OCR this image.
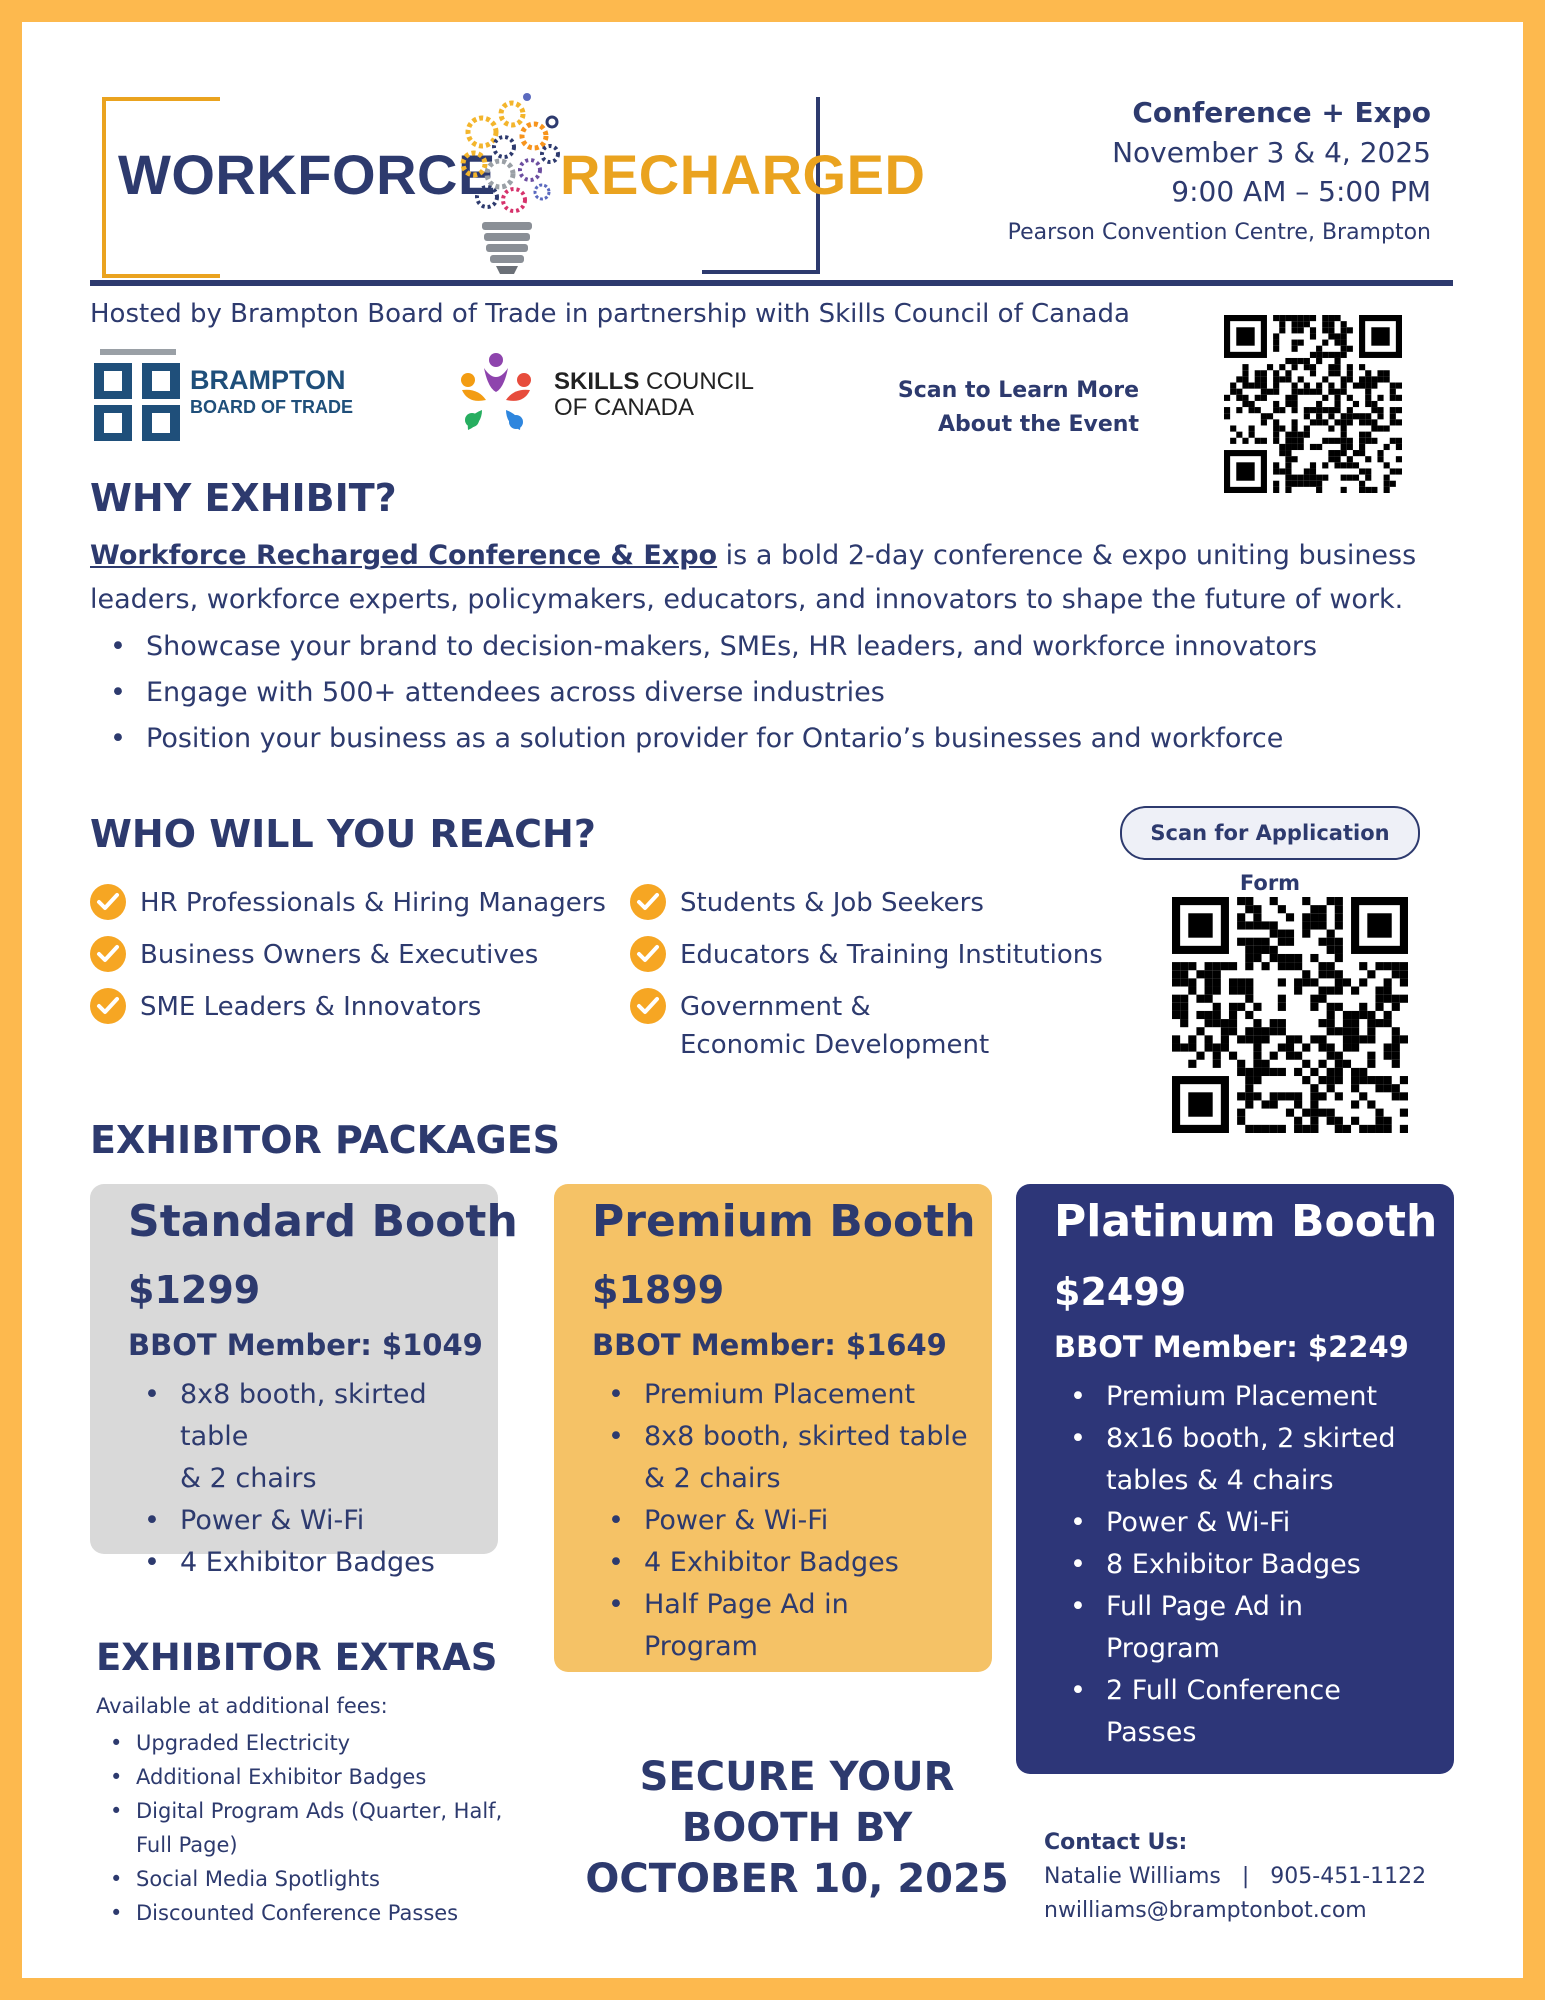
WORKFORCE RECHARGED
Conference + Expo
November 3 & 4, 2025
9:00 AM – 5:00 PM
Pearson Convention Centre, Brampton
Hosted by Brampton Board of Trade in partnership with Skills Council of Canada
BRAMPTON
BOARD OF TRADE
SKILLS COUNCIL
OF CANADA
Scan to Learn More
About the Event
WHY EXHIBIT?
Workforce Recharged Conference & Expo is a bold 2-day conference & expo uniting business leaders, workforce experts, policymakers, educators, and innovators to shape the future of work.
• Showcase your brand to decision-makers, SMEs, HR leaders, and workforce innovators
• Engage with 500+ attendees across diverse industries
• Position your business as a solution provider for Ontario’s businesses and workforce
WHO WILL YOU REACH?	Scan for Application Form
HR Professionals & Hiring Managers
Business Owners & Executives
SME Leaders & Innovators
Students & Job Seekers
Educators & Training Institutions
Government &
Economic Development
EXHIBITOR PACKAGES
Standard Booth
$1299
BBOT Member: $1049
• 8x8 booth, skirted table
& 2 chairs
• Power & Wi-Fi
• 4 Exhibitor Badges
Premium Booth
$1899
BBOT Member: $1649
• Premium Placement
• 8x8 booth, skirted table
& 2 chairs
• Power & Wi-Fi
• 4 Exhibitor Badges
• Half Page Ad in
Program
Platinum Booth
$2499
BBOT Member: $2249
• Premium Placement
• 8x16 booth, 2 skirted
tables & 4 chairs
• Power & Wi-Fi
• 8 Exhibitor Badges
• Full Page Ad in
Program
• 2 Full Conference
Passes
EXHIBITOR EXTRAS
Available at additional fees:
• Upgraded Electricity
• Additional Exhibitor Badges
• Digital Program Ads (Quarter, Half,
Full Page)
• Social Media Spotlights
• Discounted Conference Passes
SECURE YOUR
BOOTH BY
OCTOBER 10, 2025
Contact Us:
Natalie Williams   |   905-451-1122
nwilliams@bramptonbot.com
